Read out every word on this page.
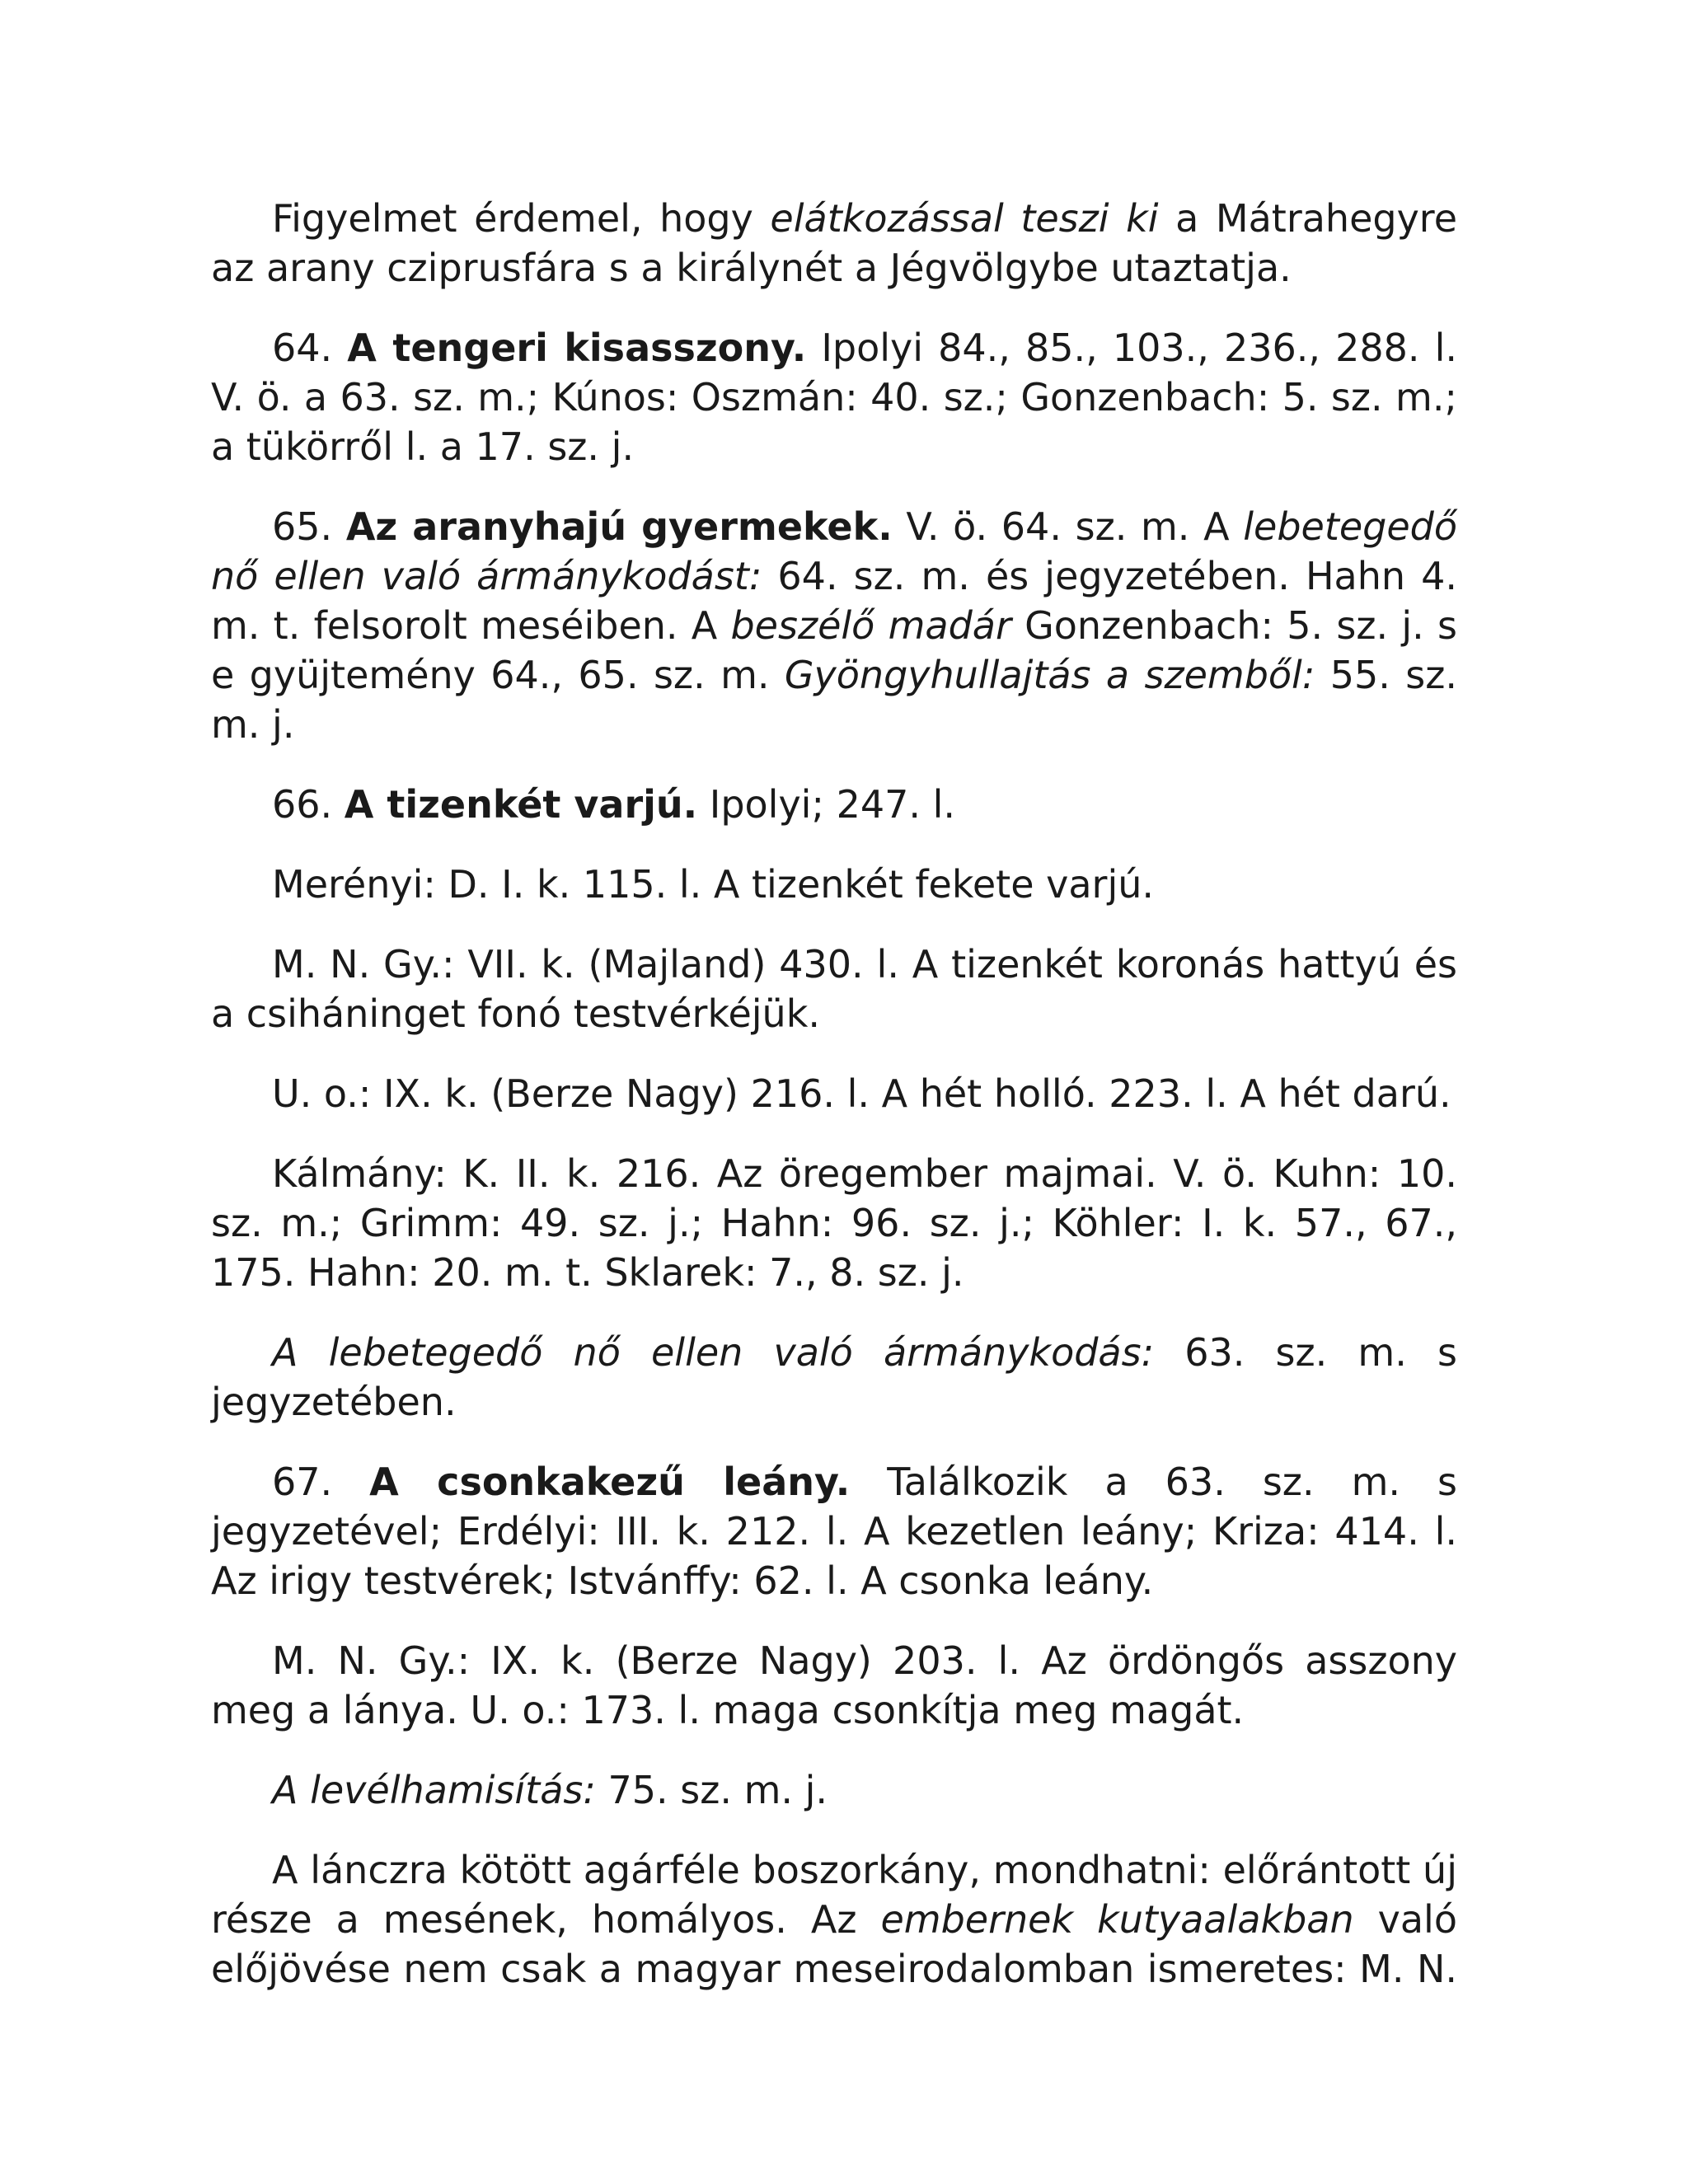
Figyelmet érdemel, hogy elátkozással teszi ki a Mátrahegyre az arany cziprusfára s a királynét a Jégvölgybe utaztatja.

64. A tengeri kisasszony. Ipolyi 84., 85., 103., 236., 288. l. V. ö. a 63. sz. m.; Kúnos: Oszmán: 40. sz.; Gonzenbach: 5. sz. m.; a tükörről l. a 17. sz. j.

65. Az aranyhajú gyermekek. V. ö. 64. sz. m. A lebetegedő nő ellen való ármánykodást: 64. sz. m. és jegyzetében. Hahn 4. m. t. felsorolt meséiben. A beszélő madár Gonzenbach: 5. sz. j. s e gyüjtemény 64., 65. sz. m. Gyöngyhullajtás a szemből: 55. sz. m. j.

66. A tizenkét varjú. Ipolyi; 247. l.

Merényi: D. I. k. 115. l. A tizenkét fekete varjú.

M. N. Gy.: VII. k. (Majland) 430. l. A tizenkét koronás hattyú és a csiháninget fonó testvérkéjük.

U. o.: IX. k. (Berze Nagy) 216. l. A hét holló. 223. l. A hét darú.

Kálmány: K. II. k. 216. Az öregember majmai. V. ö. Kuhn: 10. sz. m.; Grimm: 49. sz. j.; Hahn: 96. sz. j.; Köhler: I. k. 57., 67., 175. Hahn: 20. m. t. Sklarek: 7., 8. sz. j.

A lebetegedő nő ellen való ármánykodás: 63. sz. m. s jegyzetében.

67. A csonkakezű leány. Találkozik a 63. sz. m. s jegyzetével; Erdélyi: III. k. 212. l. A kezetlen leány; Kriza: 414. l. Az irigy testvérek; Istvánffy: 62. l. A csonka leány.

M. N. Gy.: IX. k. (Berze Nagy) 203. l. Az ördöngős asszony meg a lánya. U. o.: 173. l. maga csonkítja meg magát.

A levélhamisítás: 75. sz. m. j.

A lánczra kötött agárféle boszorkány, mondhatni: előrántott új része a mesének, homályos. Az embernek kutyaalakban való előjövése nem csak a magyar meseirodalomban ismeretes: M. N.
